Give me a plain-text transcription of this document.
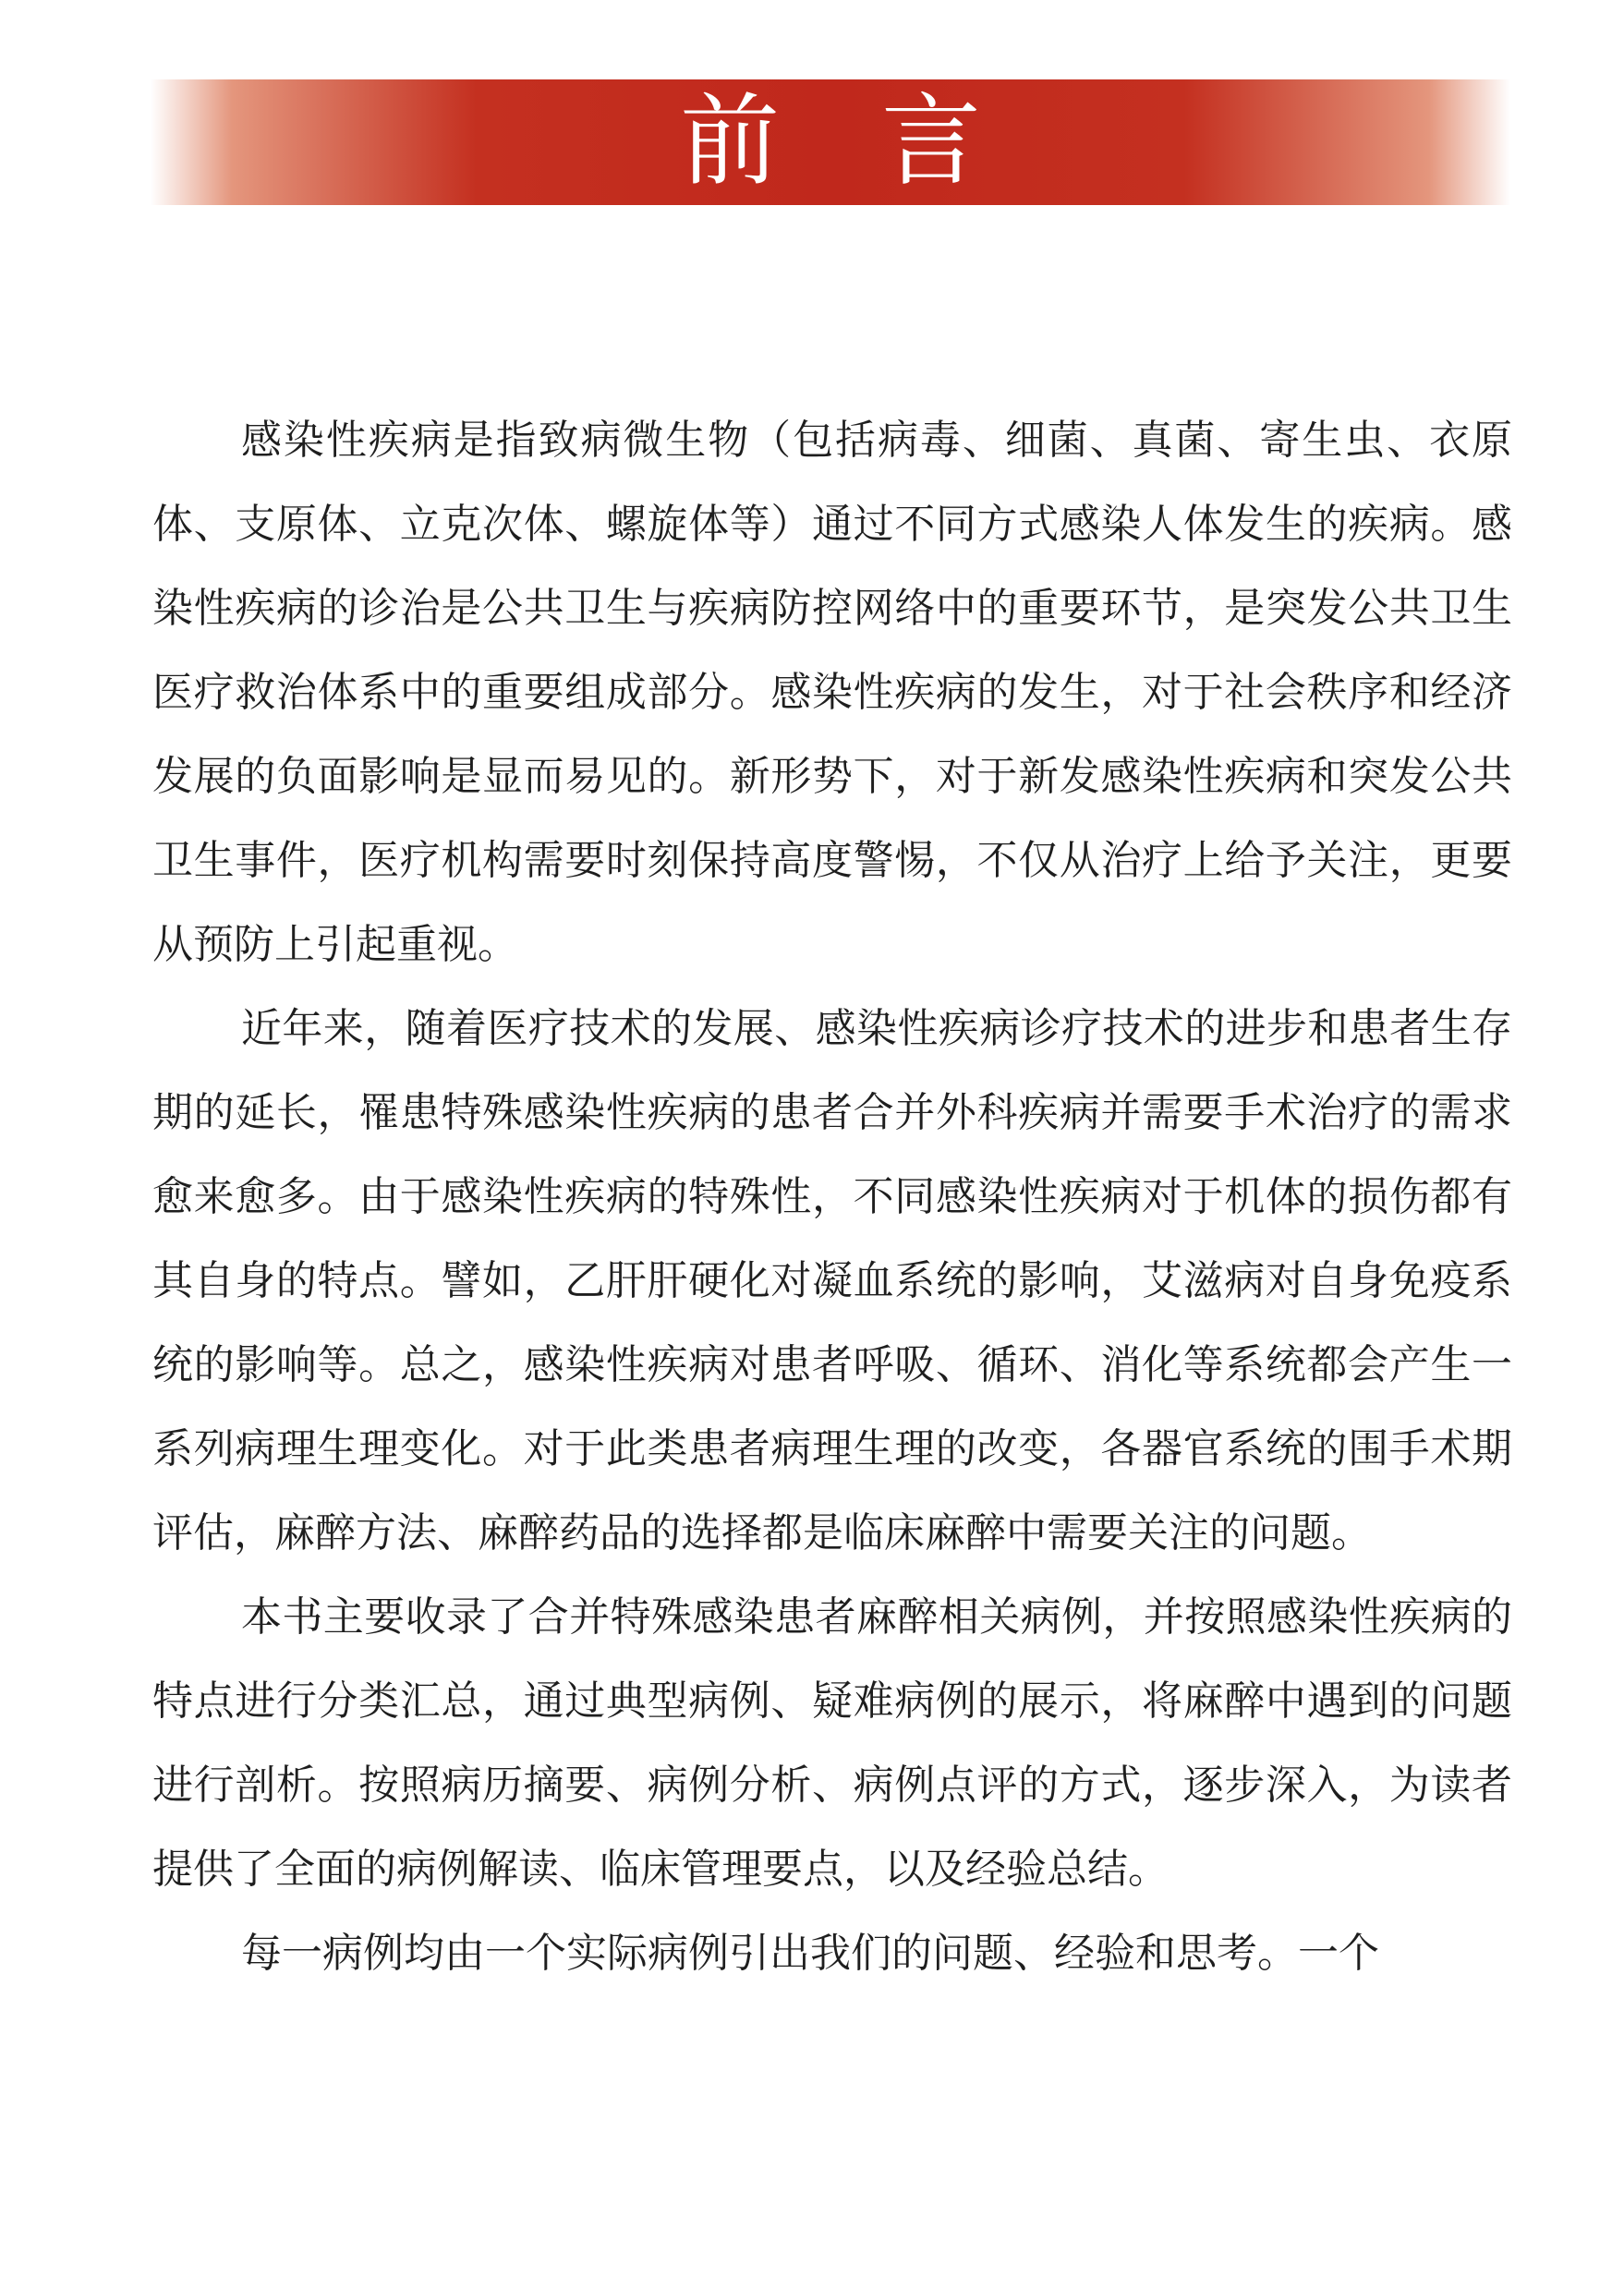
前言

感染性疾病是指致病微生物（包括病毒、细菌、真菌、寄生虫、衣原体、支原体、立克次体、螺旋体等）通过不同方式感染人体发生的疾病。感染性疾病的诊治是公共卫生与疾病防控网络中的重要环节，是突发公共卫生医疗救治体系中的重要组成部分。感染性疾病的发生，对于社会秩序和经济发展的负面影响是显而易见的。新形势下，对于新发感染性疾病和突发公共卫生事件，医疗机构需要时刻保持高度警惕，不仅从治疗上给予关注，更要从预防上引起重视。

近年来，随着医疗技术的发展、感染性疾病诊疗技术的进步和患者生存期的延长，罹患特殊感染性疾病的患者合并外科疾病并需要手术治疗的需求愈来愈多。由于感染性疾病的特殊性，不同感染性疾病对于机体的损伤都有其自身的特点。譬如，乙肝肝硬化对凝血系统的影响，艾滋病对自身免疫系统的影响等。总之，感染性疾病对患者呼吸、循环、消化等系统都会产生一系列病理生理变化。对于此类患者病理生理的改变，各器官系统的围手术期评估，麻醉方法、麻醉药品的选择都是临床麻醉中需要关注的问题。

本书主要收录了合并特殊感染患者麻醉相关病例，并按照感染性疾病的特点进行分类汇总，通过典型病例、疑难病例的展示，将麻醉中遇到的问题进行剖析。按照病历摘要、病例分析、病例点评的方式，逐步深入，为读者提供了全面的病例解读、临床管理要点，以及经验总结。

每一病例均由一个实际病例引出我们的问题、经验和思考。一个
